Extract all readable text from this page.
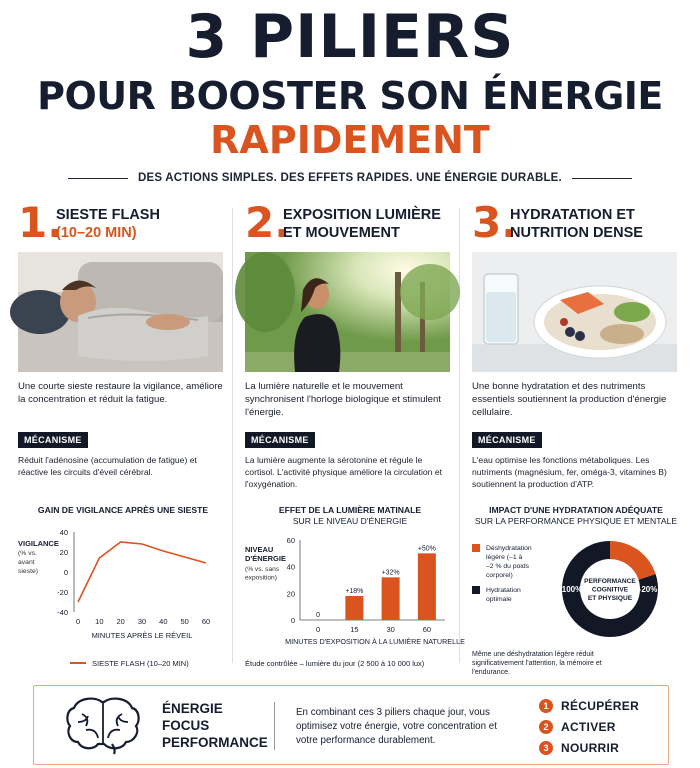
3 PILIERS
POUR BOOSTER SON ÉNERGIE
RAPIDEMENT
DES ACTIONS SIMPLES. DES EFFETS RAPIDES. UNE ÉNERGIE DURABLE.
1.
SIESTE FLASH
(10–20 MIN)
Une courte sieste restaure la vigilance, améliore la concentration et réduit la fatigue.
MÉCANISME
Réduit l'adénosine (accumulation de fatigue) et réactive les circuits d'éveil cérébral.
2.
EXPOSITION LUMIÈRE
ET MOUVEMENT
La lumière naturelle et le mouvement synchronisent l'horloge biologique et stimulent l'énergie.
MÉCANISME
La lumière augmente la sérotonine et régule le cortisol. L'activité physique améliore la circulation et l'oxygénation.
3.
HYDRATATION ET
NUTRITION DENSE
Une bonne hydratation et des nutriments essentiels soutiennent la production d'énergie cellulaire.
MÉCANISME
L'eau optimise les fonctions métaboliques. Les nutriments (magnésium, fer, oméga-3, vitamines B) soutiennent la production d'ATP.
GAIN DE VIGILANCE APRÈS UNE SIESTE
40
20
0
-20
-40
0 10 20 30 40 50 60
VIGILANCE
(% vs.
avant
sieste)
MINUTES APRÈS LE RÉVEIL
SIESTE FLASH (10–20 MIN)
EFFET DE LA LUMIÈRE MATINALE
SUR LE NIVEAU D'ÉNERGIE
0
20
40
60
0
0
+18%
15
+32%
30
+50%
60
NIVEAU
D'ÉNERGIE
(% vs. sans
exposition)
MINUTES D'EXPOSITION À LA LUMIÈRE NATURELLE
Étude contrôlée – lumière du jour (2 500 à 10 000 lux)
IMPACT D'UNE HYDRATATION ADÉQUATE
SUR LA PERFORMANCE PHYSIQUE ET MENTALE
PERFORMANCE
COGNITIVE
ET PHYSIQUE
-20%
100%
Déshydratation
légère (–1 à
–2 % du poids
corporel)
Hydratation
optimale
Même une déshydratation légère réduit
significativement l'attention, la mémoire et
l'endurance.
ÉNERGIE
FOCUS
PERFORMANCE
En combinant ces 3 piliers chaque jour, vous optimisez votre énergie, votre concentration et votre performance durablement.
1	RÉCUPÉRER
2	ACTIVER
3	NOURRIR
